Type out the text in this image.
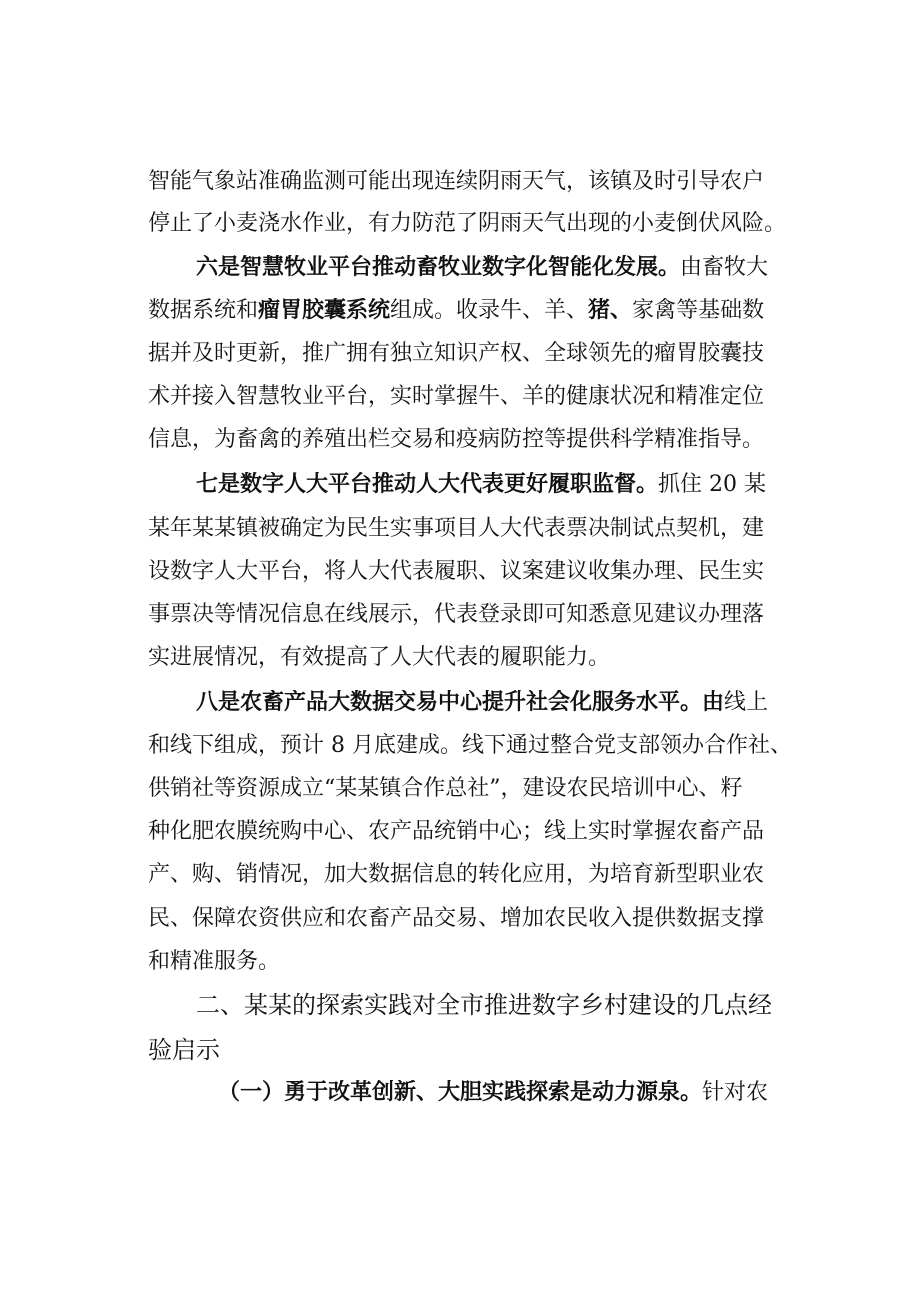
智能气象站准确监测可能出现连续阴雨天气，该镇及时引导农户
停止了小麦浇水作业，有力防范了阴雨天气出现的小麦倒伏风险。
六是智慧牧业平台推动畜牧业数字化智能化发展。由畜牧大
数据系统和瘤胃胶囊系统组成。收录牛、羊、猪、家禽等基础数
据并及时更新，推广拥有独立知识产权、全球领先的瘤胃胶囊技
术并接入智慧牧业平台，实时掌握牛、羊的健康状况和精准定位
信息，为畜禽的养殖出栏交易和疫病防控等提供科学精准指导。
七是数字人大平台推动人大代表更好履职监督。抓住 20 某
某年某某镇被确定为民生实事项目人大代表票决制试点契机，建
设数字人大平台，将人大代表履职、议案建议收集办理、民生实
事票决等情况信息在线展示，代表登录即可知悉意见建议办理落
实进展情况，有效提高了人大代表的履职能力。
八是农畜产品大数据交易中心提升社会化服务水平。由线上
和线下组成，预计 8 月底建成。线下通过整合党支部领办合作社、
供销社等资源成立“某某镇合作总社”，建设农民培训中心、籽
种化肥农膜统购中心、农产品统销中心；线上实时掌握农畜产品
产、购、销情况，加大数据信息的转化应用，为培育新型职业农
民、保障农资供应和农畜产品交易、增加农民收入提供数据支撑
和精准服务。
二、某某的探索实践对全市推进数字乡村建设的几点经
验启示
（一）勇于改革创新、大胆实践探索是动力源泉。针对农
